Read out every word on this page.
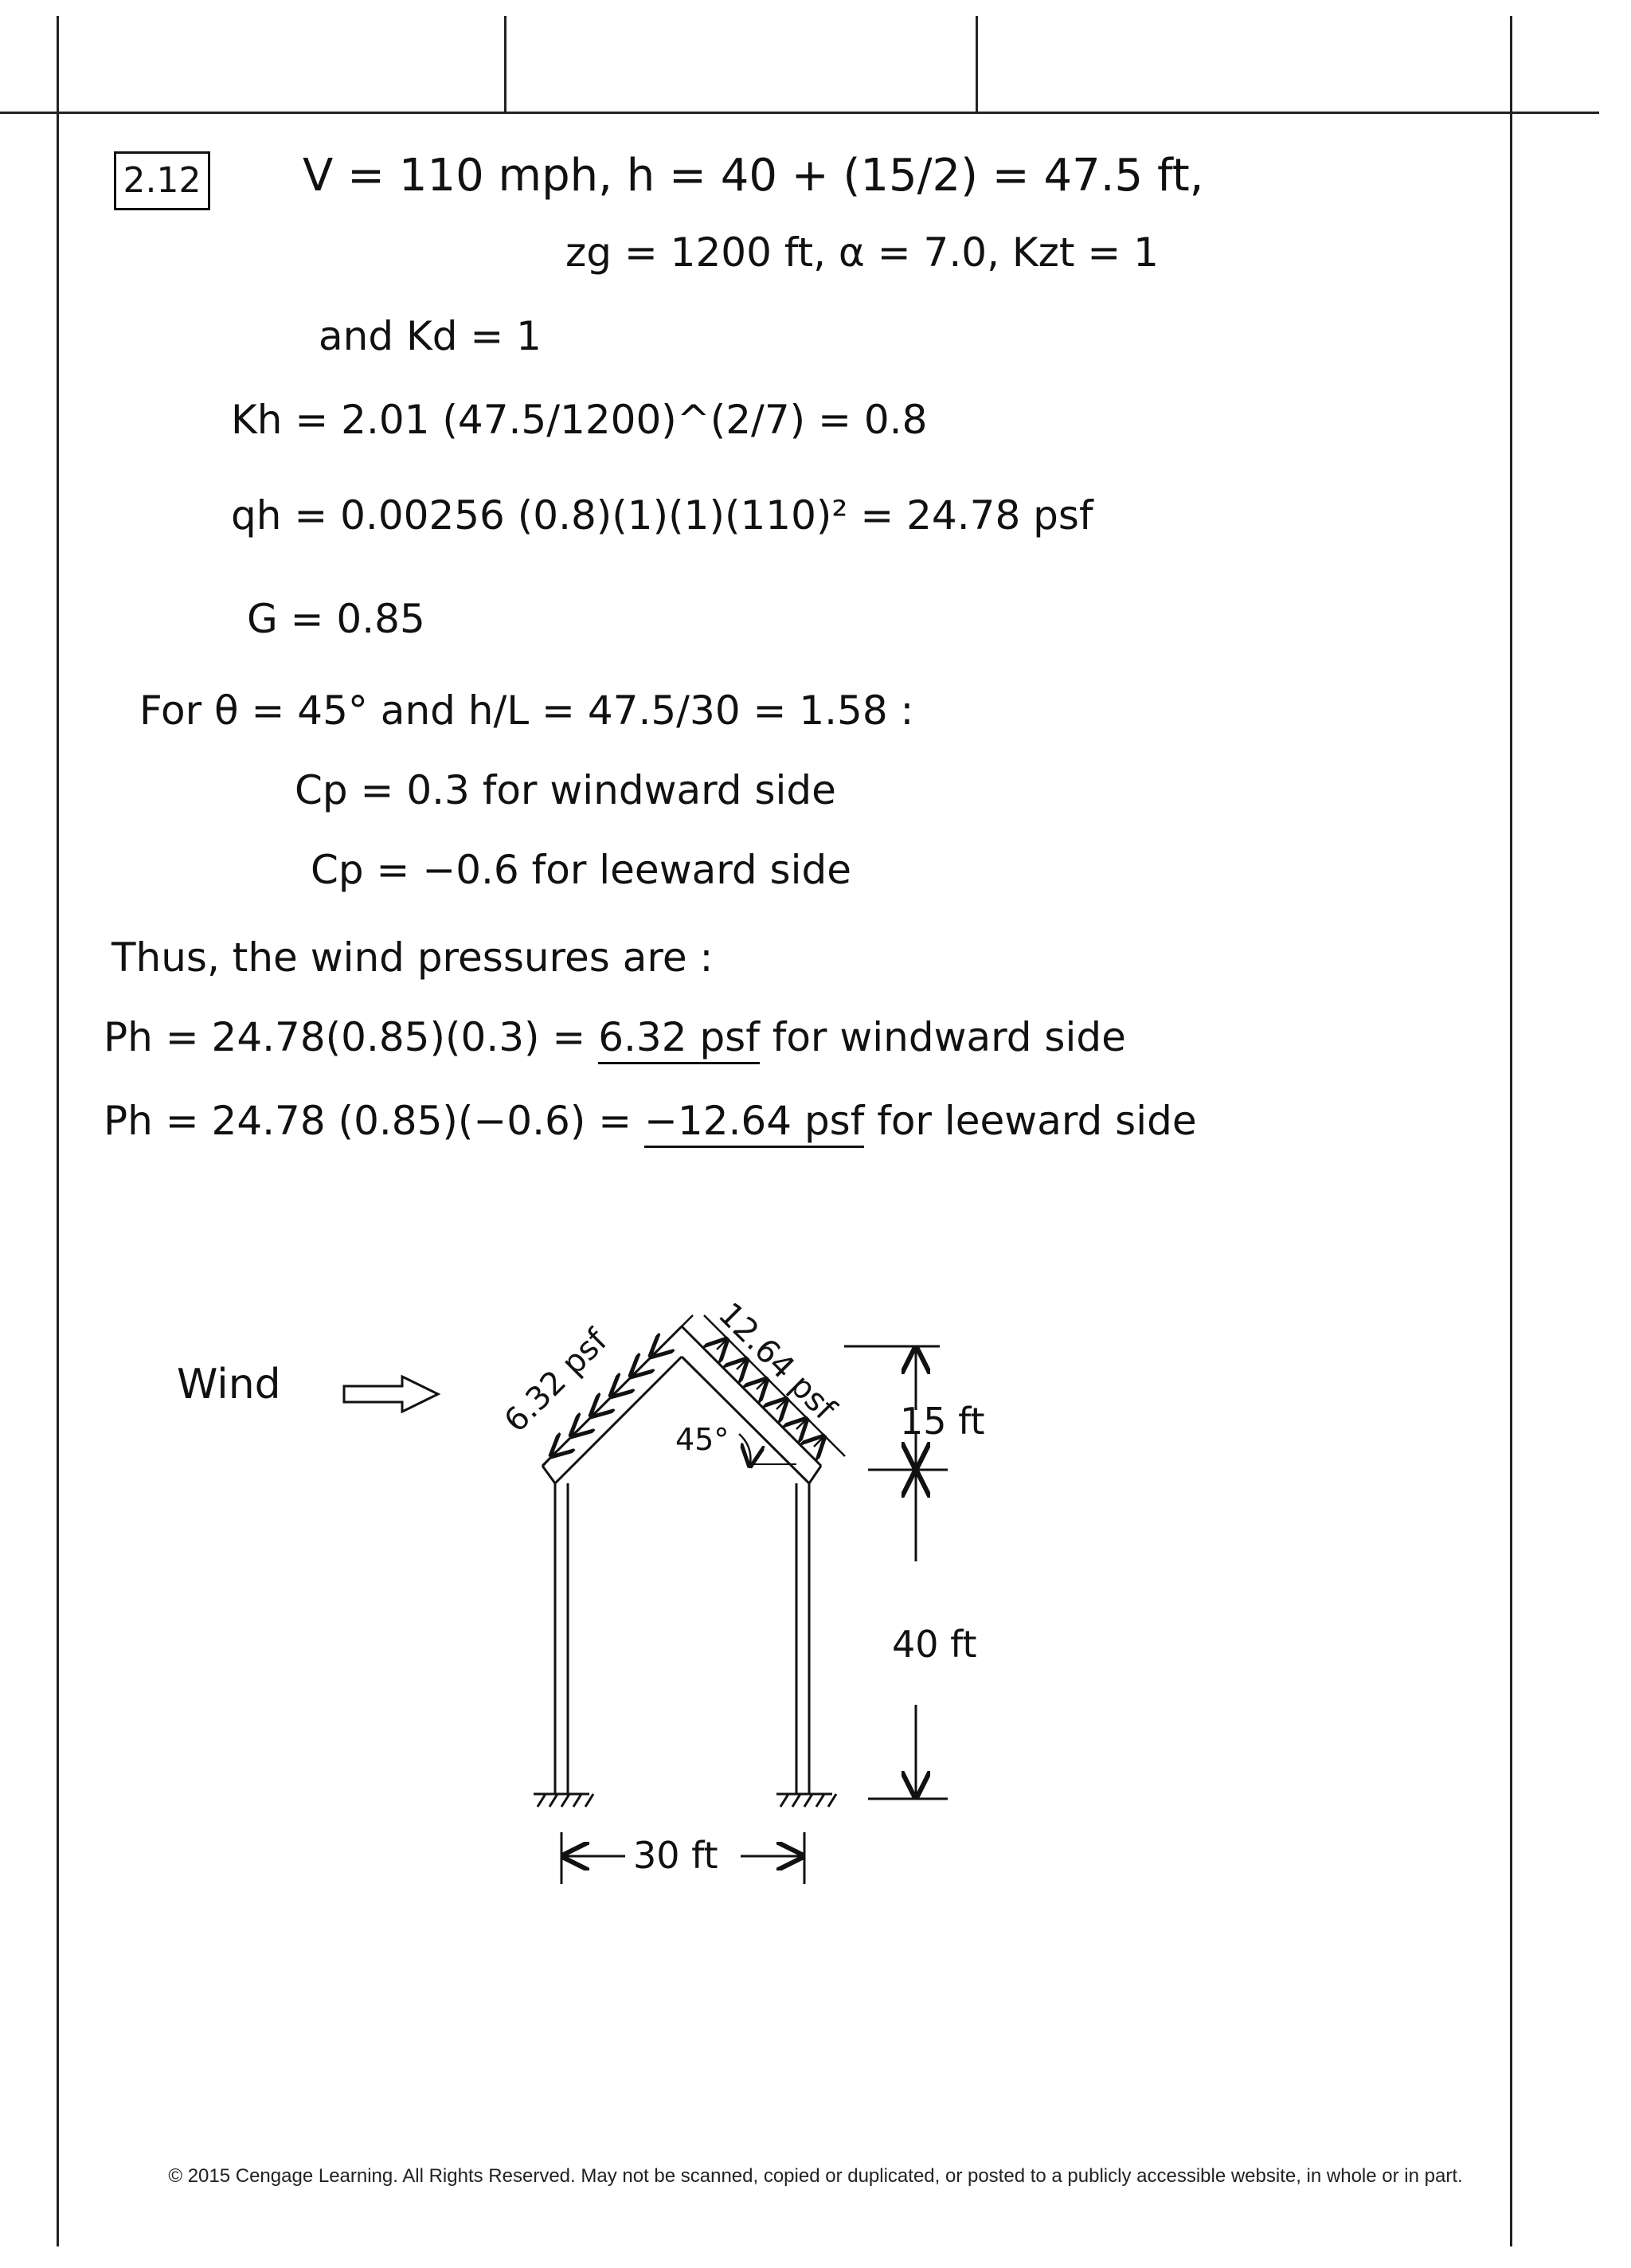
2.12 V = 110 mph, h = 40 + (15/2) = 47.5 ft,
zg = 1200 ft, α = 7.0, Kzt = 1
and Kd = 1
Kh = 2.01 (47.5/1200)^(2/7) = 0.8
qh = 0.00256 (0.8)(1)(1)(110)² = 24.78 psf
G = 0.85
For θ = 45° and h/L = 47.5/30 = 1.58 :
Cp = 0.3 for windward side
Cp = −0.6 for leeward side
Thus, the wind pressures are :
Ph = 24.78(0.85)(0.3) = 6.32 psf for windward side
Ph = 24.78 (0.85)(−0.6) = −12.64 psf for leeward side
Wind	6.32 psf	12.64 psf
45°	15 ft
40 ft
30 ft
© 2015 Cengage Learning. All Rights Reserved. May not be scanned, copied or duplicated, or posted to a publicly accessible website, in whole or in part.
